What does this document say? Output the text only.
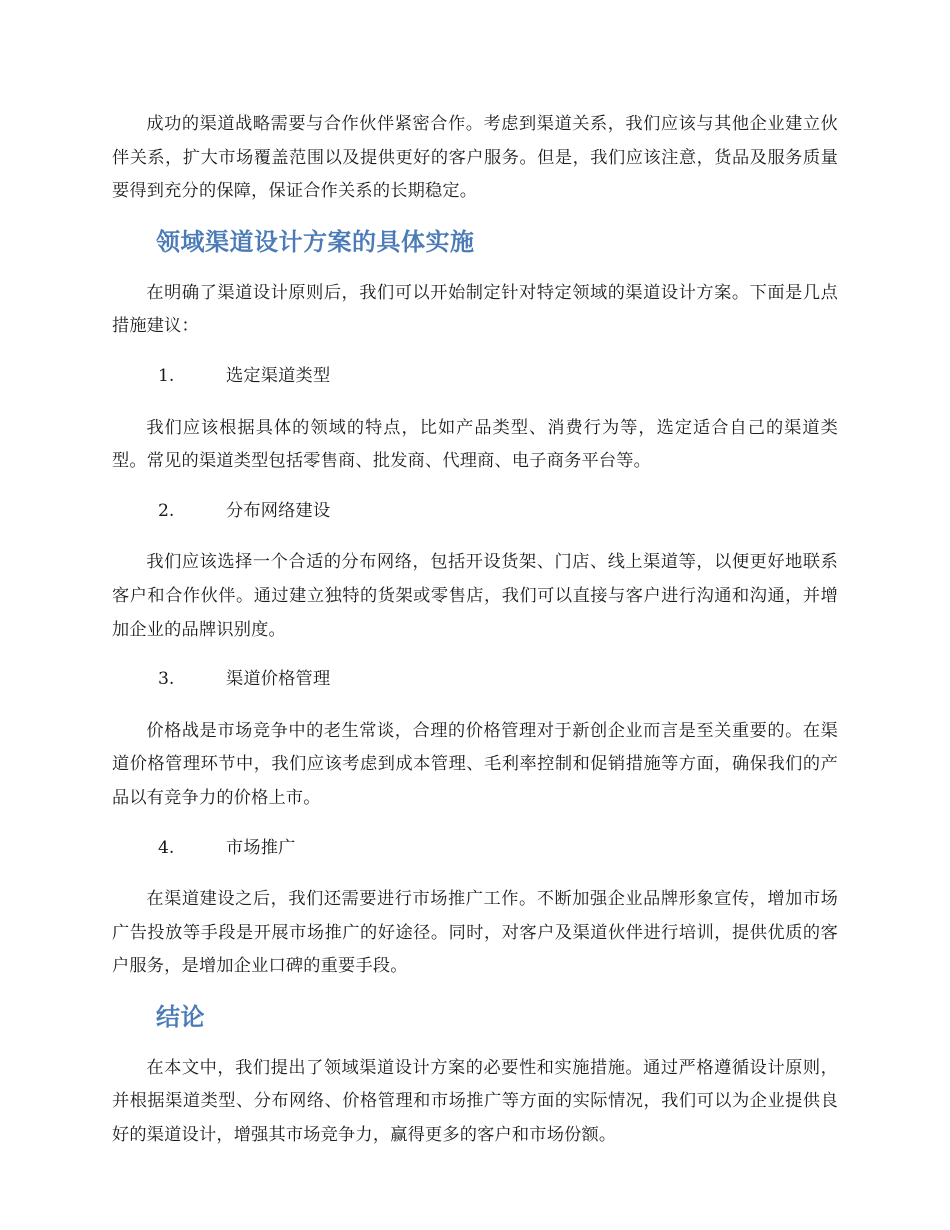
成功的渠道战略需要与合作伙伴紧密合作。考虑到渠道关系，我们应该与其他企业建立伙伴关系，扩大市场覆盖范围以及提供更好的客户服务。但是，我们应该注意，货品及服务质量要得到充分的保障，保证合作关系的长期稳定。

领域渠道设计方案的具体实施

在明确了渠道设计原则后，我们可以开始制定针对特定领域的渠道设计方案。下面是几点措施建议：

1.	选定渠道类型

我们应该根据具体的领域的特点，比如产品类型、消费行为等，选定适合自己的渠道类型。常见的渠道类型包括零售商、批发商、代理商、电子商务平台等。

2.	分布网络建设

我们应该选择一个合适的分布网络，包括开设货架、门店、线上渠道等，以便更好地联系客户和合作伙伴。通过建立独特的货架或零售店，我们可以直接与客户进行沟通和沟通，并增加企业的品牌识别度。

3.	渠道价格管理

价格战是市场竞争中的老生常谈，合理的价格管理对于新创企业而言是至关重要的。在渠道价格管理环节中，我们应该考虑到成本管理、毛利率控制和促销措施等方面，确保我们的产品以有竞争力的价格上市。

4.	市场推广

在渠道建设之后，我们还需要进行市场推广工作。不断加强企业品牌形象宣传，增加市场广告投放等手段是开展市场推广的好途径。同时，对客户及渠道伙伴进行培训，提供优质的客户服务，是增加企业口碑的重要手段。

结论

在本文中，我们提出了领域渠道设计方案的必要性和实施措施。通过严格遵循设计原则，并根据渠道类型、分布网络、价格管理和市场推广等方面的实际情况，我们可以为企业提供良好的渠道设计，增强其市场竞争力，赢得更多的客户和市场份额。
